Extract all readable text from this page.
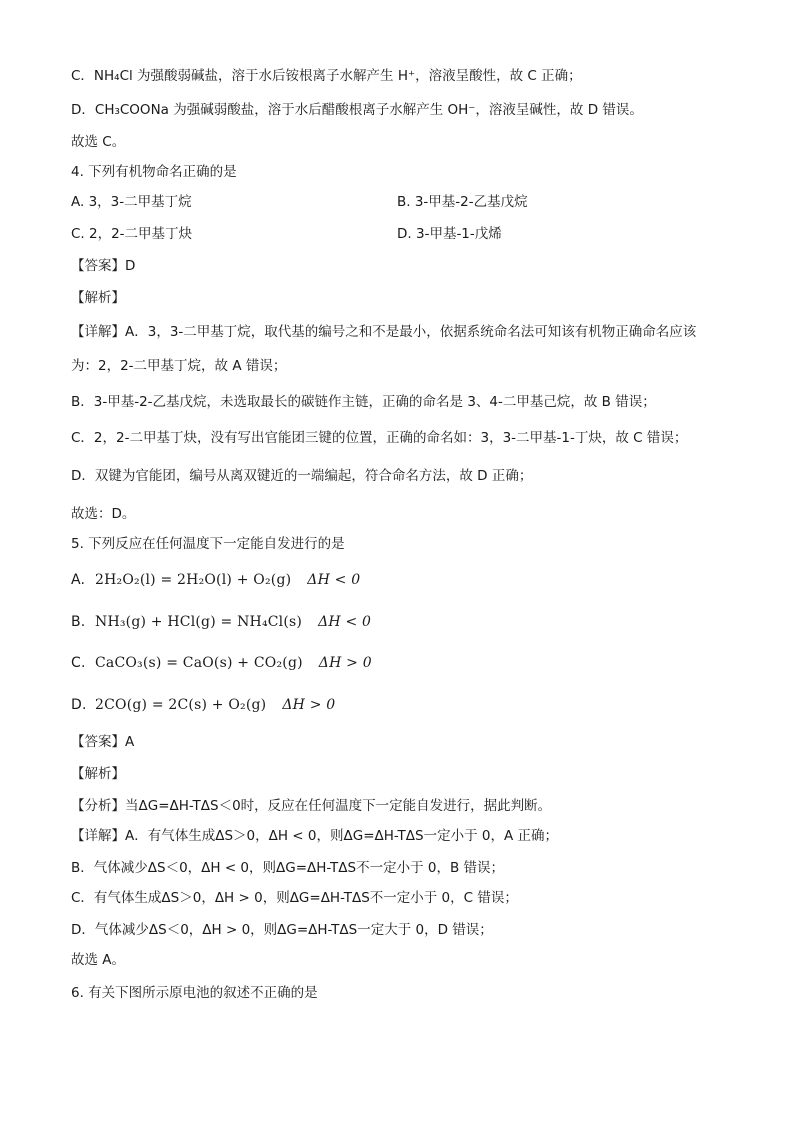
C．NH₄Cl 为强酸弱碱盐，溶于水后铵根离子水解产生 H⁺，溶液呈酸性，故 C 正确；
D．CH₃COONa 为强碱弱酸盐，溶于水后醋酸根离子水解产生 OH⁻，溶液呈碱性，故 D 错误。
故选 C。
4. 下列有机物命名正确的是
A. 3，3-二甲基丁烷	B. 3-甲基-2-乙基戊烷
C. 2，2-二甲基丁炔	D. 3-甲基-1-戊烯
【答案】D
【解析】
【详解】A．3，3-二甲基丁烷，取代基的编号之和不是最小，依据系统命名法可知该有机物正确命名应该
为：2，2-二甲基丁烷，故 A 错误；
B．3-甲基-2-乙基戊烷，未选取最长的碳链作主链，正确的命名是 3、4-二甲基己烷，故 B 错误；
C．2，2-二甲基丁炔，没有写出官能团三键的位置，正确的命名如：3，3-二甲基-1-丁炔，故 C 错误；
D．双键为官能团，编号从离双键近的一端编起，符合命名方法，故 D 正确；
故选：D。
5. 下列反应在任何温度下一定能自发进行的是
A. 2H₂O₂(l) = 2H₂O(l) + O₂(g) ΔH < 0
B. NH₃(g) + HCl(g) = NH₄Cl(s) ΔH < 0
C. CaCO₃(s) = CaO(s) + CO₂(g) ΔH > 0
D. 2CO(g) = 2C(s) + O₂(g) ΔH > 0
【答案】A
【解析】
【分析】当ΔG=ΔH-TΔS＜0时，反应在任何温度下一定能自发进行，据此判断。
【详解】A．有气体生成ΔS＞0，ΔH < 0，则ΔG=ΔH-TΔS一定小于 0，A 正确；
B．气体减少ΔS＜0，ΔH < 0，则ΔG=ΔH-TΔS不一定小于 0，B 错误；
C．有气体生成ΔS＞0，ΔH > 0，则ΔG=ΔH-TΔS不一定小于 0，C 错误；
D．气体减少ΔS＜0，ΔH > 0，则ΔG=ΔH-TΔS一定大于 0，D 错误；
故选 A。
6. 有关下图所示原电池的叙述不正确的是
